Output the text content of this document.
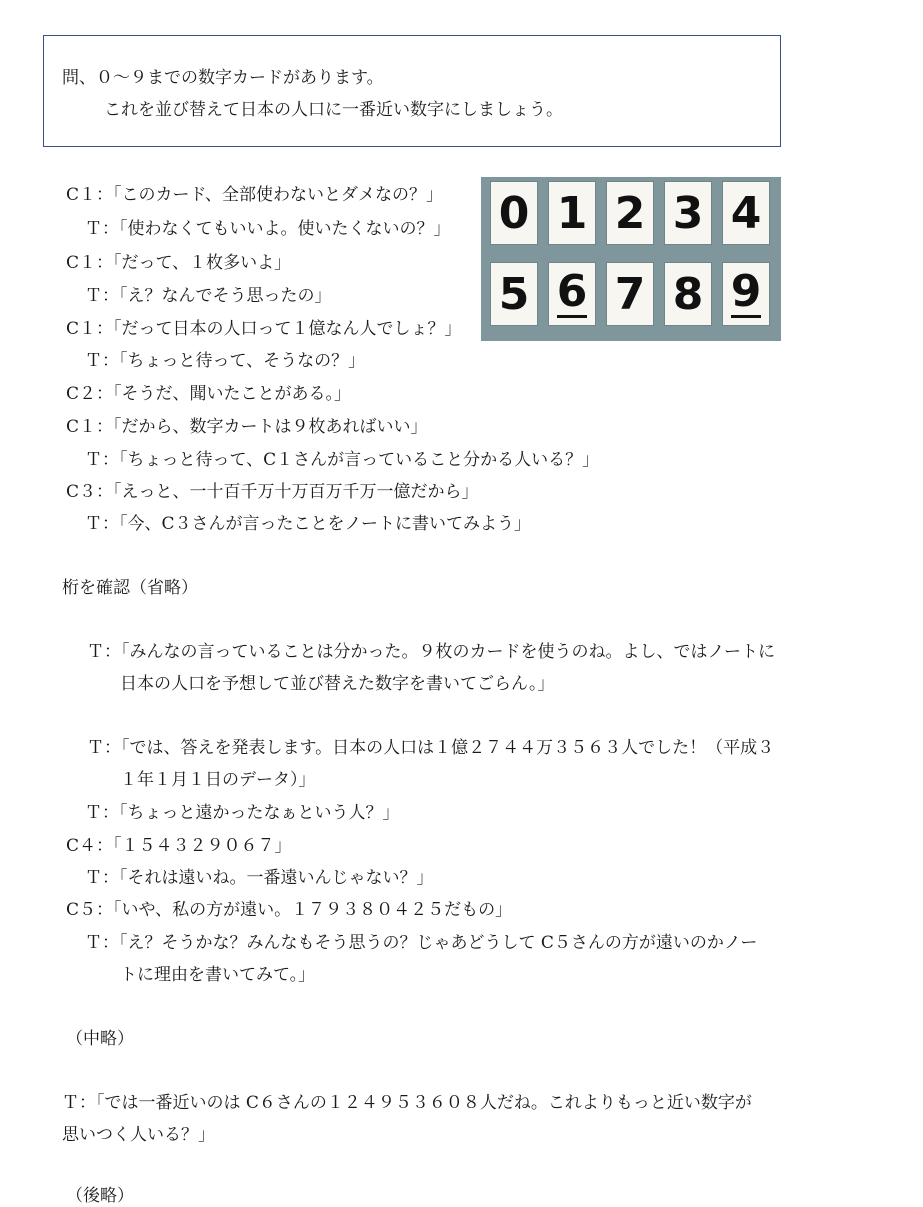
問、０～９までの数字カードがあります。
これを並び替えて日本の人口に一番近い数字にしましょう。
0 1 2 3 4
5 6 7 8 9
C１：「このカード、全部使わないとダメなの？」
Ｔ：「使わなくてもいいよ。使いたくないの？」
C１：「だって、１枚多いよ」
Ｔ：「え？なんでそう思ったの」
C１：「だって日本の人口って１億なん人でしょ？」
Ｔ：「ちょっと待って、そうなの？」
C２：「そうだ、聞いたことがある。」
C１：「だから、数字カートは９枚あればいい」
Ｔ：「ちょっと待って、C１さんが言っていること分かる人いる？」
C３：「えっと、一十百千万十万百万千万一億だから」
Ｔ：「今、C３さんが言ったことをノートに書いてみよう」
桁を確認（省略）
Ｔ：「みんなの言っていることは分かった。９枚のカードを使うのね。よし、ではノートに
日本の人口を予想して並び替えた数字を書いてごらん。」
Ｔ：「では、答えを発表します。日本の人口は１億２７４４万３５６３人でした！（平成３
１年１月１日のデータ）」
Ｔ：「ちょっと遠かったなぁという人？」
C４：「１５４３２９０６７」
Ｔ：「それは遠いね。一番遠いんじゃない？」
C５：「いや、私の方が遠い。１７９３８０４２５だもの」
Ｔ：「え？そうかな？みんなもそう思うの？じゃあどうして C５さんの方が遠いのかノー
トに理由を書いてみて。」
（中略）
Ｔ：「では一番近いのは C６さんの１２４９５３６０８人だね。これよりもっと近い数字が
思いつく人いる？」
（後略）
